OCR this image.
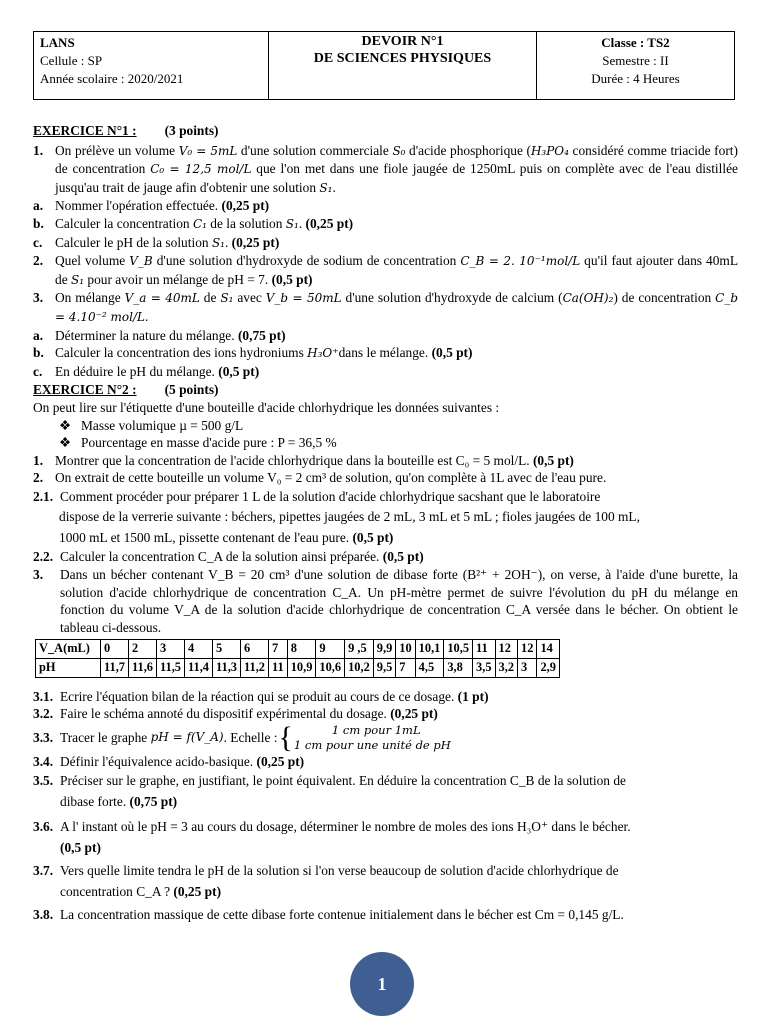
LANS
Cellule : SP
Année scolaire : 2020/2021
DEVOIR N°1
DE SCIENCES PHYSIQUES
Classe : TS2
Semestre : II
Durée : 4 Heures
EXERCICE N°1 : (3 points)
1. On prélève un volume V₀ = 5mL d'une solution commerciale S₀ d'acide phosphorique (H₃PO₄ considéré comme triacide fort) de concentration C₀ = 12,5 mol/L que l'on met dans une fiole jaugée de 1250mL puis on complète avec de l'eau distillée jusqu'au trait de jauge afin d'obtenir une solution S₁.
a. Nommer l'opération effectuée. (0,25 pt)
b. Calculer la concentration C₁ de la solution S₁. (0,25 pt)
c. Calculer le pH de la solution S₁. (0,25 pt)
2. Quel volume V_B d'une solution d'hydroxyde de sodium de concentration C_B = 2. 10⁻¹mol/L qu'il faut ajouter dans 40mL de S₁ pour avoir un mélange de pH = 7. (0,5 pt)
3. On mélange V_a = 40mL de S₁ avec V_b = 50mL d'une solution d'hydroxyde de calcium (Ca(OH)₂) de concentration C_b = 4.10⁻² mol/L.
a. Déterminer la nature du mélange. (0,75 pt)
b. Calculer la concentration des ions hydroniums H₃O⁺dans le mélange. (0,5 pt)
c. En déduire le pH du mélange. (0,5 pt)
EXERCICE N°2 : (5 points)
On peut lire sur l'étiquette d'une bouteille d'acide chlorhydrique les données suivantes :
❖ Masse volumique µ = 500 g/L
❖ Pourcentage en masse d'acide pure : P = 36,5 %
1. Montrer que la concentration de l'acide chlorhydrique dans la bouteille est C₀ = 5 mol/L. (0,5 pt)
2. On extrait de cette bouteille un volume V₀ = 2 cm³ de solution, qu'on complète à 1L avec de l'eau pure.
2.1. Comment procéder pour préparer 1 L de la solution d'acide chlorhydrique sacshant que le laboratoire
dispose de la verrerie suivante : béchers, pipettes jaugées de 2 mL, 3 mL et 5 mL ; fioles jaugées de 100 mL,
1000 mL et 1500 mL, pissette contenant de l'eau pure. (0,5 pt)
2.2. Calculer la concentration C_A de la solution ainsi préparée. (0,5 pt)
3.	Dans un bécher contenant V_B = 20 cm³ d'une solution de dibase forte (B²⁺ + 2OH⁻), on verse, à l'aide d'une burette, la solution d'acide chlorhydrique de concentration C_A. Un pH-mètre permet de suivre l'évolution du pH du mélange en fonction du volume V_A de la solution d'acide chlorhydrique de concentration C_A versée dans le bécher. On obtient le tableau ci-dessous.
V_A(mL)	0	2	3	4	5	6	7	8	9	9 ,5	9,9	10	10,1	10,5	11	12	12	14
pH	11,7	11,6	11,5	11,4	11,3	11,2	11	10,9	10,6	10,2	9,5	7	4,5	3,8	3,5	3,2	3	2,9
3.1. Ecrire l'équation bilan de la réaction qui se produit au cours de ce dosage. (1 pt)
3.2. Faire le schéma annoté du dispositif expérimental du dosage. (0,25 pt)
3.3. Tracer le graphe
pH = f(V_A) . Echelle : {	1 cm pour 1mL
1 cm pour une unité de pH
3.4. Définir l'équivalence acido-basique. (0,25 pt)
3.5. Préciser sur le graphe, en justifiant, le point équivalent. En déduire la concentration C_B de la solution de
dibase forte. (0,75 pt)
3.6. A l' instant où le pH = 3 au cours du dosage, déterminer le nombre de moles des ions H₃O⁺ dans le bécher.
(0,5 pt)
3.7. Vers quelle limite tendra le pH de la solution si l'on verse beaucoup de solution d'acide chlorhydrique de
concentration C_A ? (0,25 pt)
3.8. La concentration massique de cette dibase forte contenue initialement dans le bécher est Cm = 0,145 g/L.
1
